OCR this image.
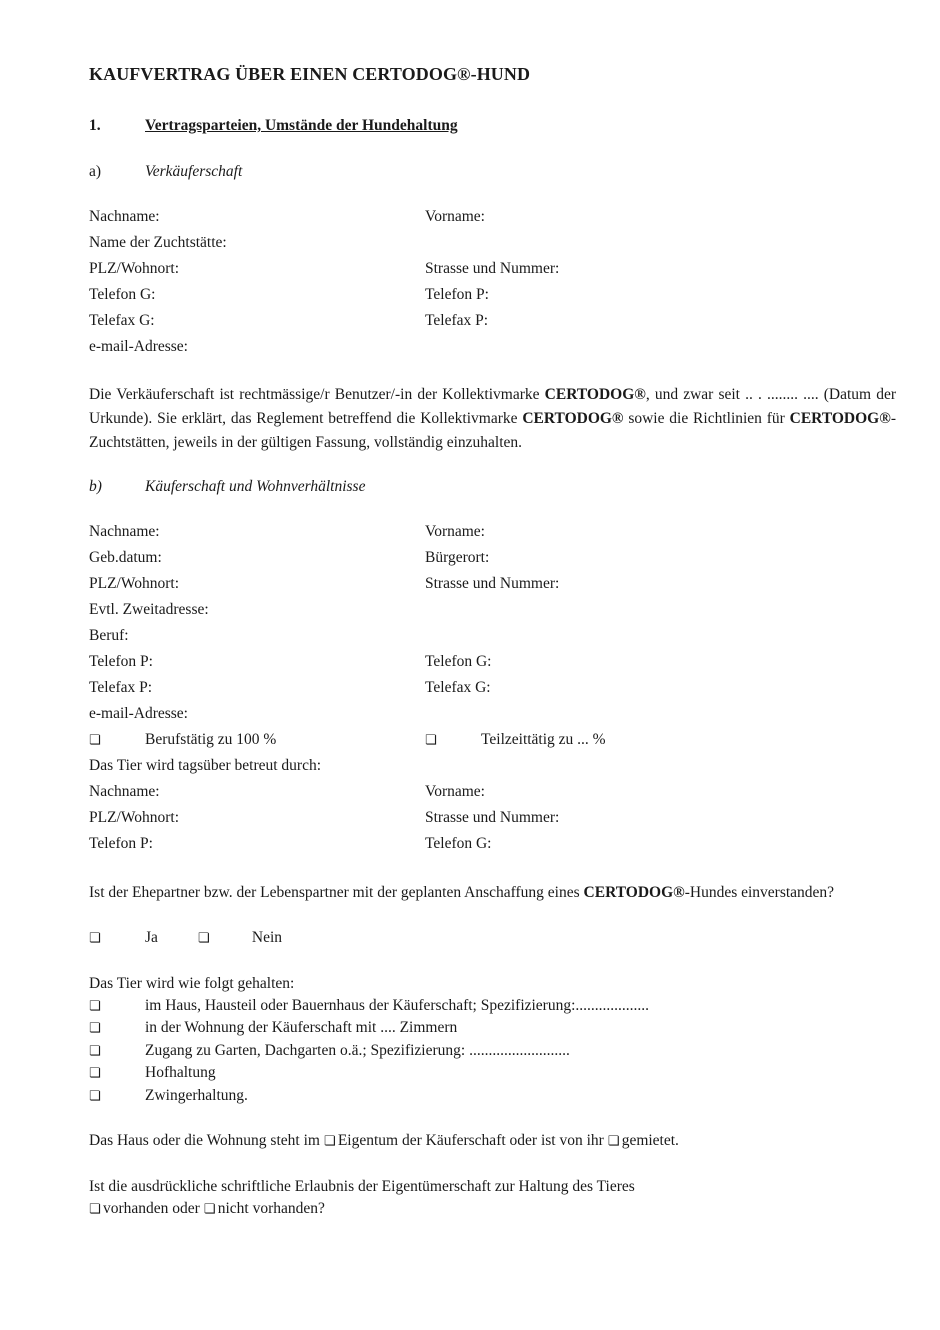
KAUFVERTRAG ÜBER EINEN CERTODOG®-HUND
1.	Vertragsparteien, Umstände der Hundehaltung
a)	Verkäuferschaft
Nachname:	Vorname:
Name der Zuchtstätte:
PLZ/Wohnort:	Strasse und Nummer:
Telefon G:	Telefon P:
Telefax G:	Telefax P:
e-mail-Adresse:
Die Verkäuferschaft ist rechtmässige/r Benutzer/-in der Kollektivmarke CERTODOG®, und zwar seit .. . ........ .... (Datum der Urkunde). Sie erklärt, das Reglement betreffend die Kollektivmarke CERTODOG® sowie die Richtlinien für CERTODOG®-Zuchtstätten, jeweils in der gültigen Fassung, vollständig einzuhalten.
b)	Käuferschaft und Wohnverhältnisse
Nachname:	Vorname:
Geb.datum:	Bürgerort:
PLZ/Wohnort:	Strasse und Nummer:
Evtl. Zweitadresse:
Beruf:
Telefon P:	Telefon G:
Telefax P:	Telefax G:
e-mail-Adresse:
❏	Berufstätig zu 100 %	❏	Teilzeittätig zu ... %
Das Tier wird tagsüber betreut durch:
Nachname:	Vorname:
PLZ/Wohnort:	Strasse und Nummer:
Telefon P:	Telefon G:
Ist der Ehepartner bzw. der Lebenspartner mit der geplanten Anschaffung eines CERTODOG®-Hundes einverstanden?
❏	Ja	❏	Nein
Das Tier wird wie folgt gehalten:
❏	im Haus, Hausteil oder Bauernhaus der Käuferschaft; Spezifizierung:...................
❏	in der Wohnung der Käuferschaft mit .... Zimmern
❏	Zugang zu Garten, Dachgarten o.ä.; Spezifizierung: ..........................
❏	Hofhaltung
❏	Zwingerhaltung.
Das Haus oder die Wohnung steht im ❏ Eigentum der Käuferschaft oder ist von ihr ❏ gemietet.
Ist die ausdrückliche schriftliche Erlaubnis der Eigentümerschaft zur Haltung des Tieres
❏ vorhanden oder ❏ nicht vorhanden?
